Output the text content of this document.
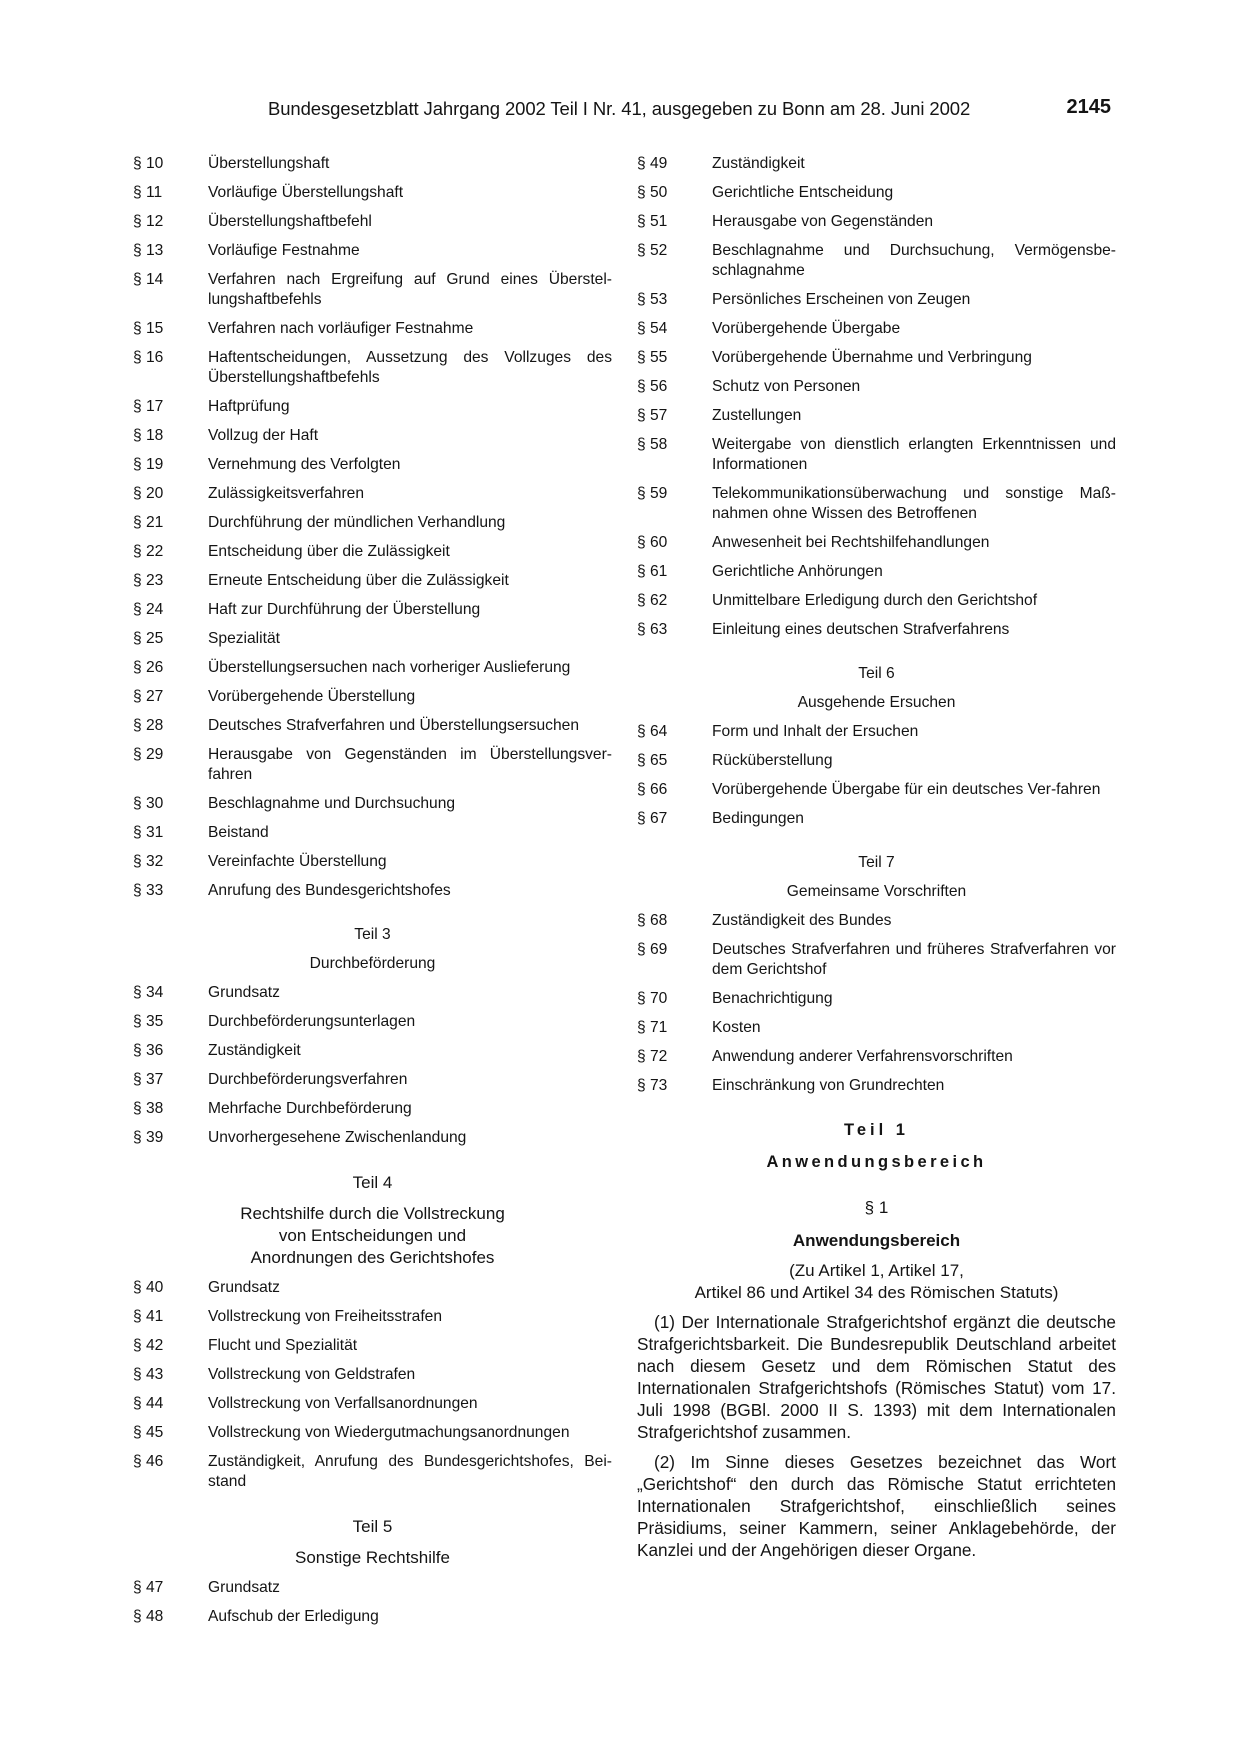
Bundesgesetzblatt Jahrgang 2002 Teil I Nr. 41, ausgegeben zu Bonn am 28. Juni 2002	2145
§ 10	Überstellungshaft
§ 11	Vorläufige Überstellungshaft
§ 12	Überstellungshaftbefehl
§ 13	Vorläufige Festnahme
§ 14	Verfahren nach Ergreifung auf Grund eines Überstel-lungshaftbefehls
§ 15	Verfahren nach vorläufiger Festnahme
§ 16	Haftentscheidungen, Aussetzung des Vollzuges des Überstellungshaftbefehls
§ 17	Haftprüfung
§ 18	Vollzug der Haft
§ 19	Vernehmung des Verfolgten
§ 20	Zulässigkeitsverfahren
§ 21	Durchführung der mündlichen Verhandlung
§ 22	Entscheidung über die Zulässigkeit
§ 23	Erneute Entscheidung über die Zulässigkeit
§ 24	Haft zur Durchführung der Überstellung
§ 25	Spezialität
§ 26	Überstellungsersuchen nach vorheriger Auslieferung
§ 27	Vorübergehende Überstellung
§ 28	Deutsches Strafverfahren und Überstellungsersuchen
§ 29	Herausgabe von Gegenständen im Überstellungsver-fahren
§ 30	Beschlagnahme und Durchsuchung
§ 31	Beistand
§ 32	Vereinfachte Überstellung
§ 33	Anrufung des Bundesgerichtshofes
Teil 3
Durchbeförderung
§ 34	Grundsatz
§ 35	Durchbeförderungsunterlagen
§ 36	Zuständigkeit
§ 37	Durchbeförderungsverfahren
§ 38	Mehrfache Durchbeförderung
§ 39	Unvorhergesehene Zwischenlandung
Teil 4
Rechtshilfe durch die Vollstreckung
von Entscheidungen und
Anordnungen des Gerichtshofes
§ 40	Grundsatz
§ 41	Vollstreckung von Freiheitsstrafen
§ 42	Flucht und Spezialität
§ 43	Vollstreckung von Geldstrafen
§ 44	Vollstreckung von Verfallsanordnungen
§ 45	Vollstreckung von Wiedergutmachungsanordnungen
§ 46	Zuständigkeit, Anrufung des Bundesgerichtshofes, Bei-stand
Teil 5
Sonstige Rechtshilfe
§ 47	Grundsatz
§ 48	Aufschub der Erledigung
§ 49	Zuständigkeit
§ 50	Gerichtliche Entscheidung
§ 51	Herausgabe von Gegenständen
§ 52	Beschlagnahme und Durchsuchung, Vermögensbe-schlagnahme
§ 53	Persönliches Erscheinen von Zeugen
§ 54	Vorübergehende Übergabe
§ 55	Vorübergehende Übernahme und Verbringung
§ 56	Schutz von Personen
§ 57	Zustellungen
§ 58	Weitergabe von dienstlich erlangten Erkenntnissen und Informationen
§ 59	Telekommunikationsüberwachung und sonstige Maß-nahmen ohne Wissen des Betroffenen
§ 60	Anwesenheit bei Rechtshilfehandlungen
§ 61	Gerichtliche Anhörungen
§ 62	Unmittelbare Erledigung durch den Gerichtshof
§ 63	Einleitung eines deutschen Strafverfahrens
Teil 6
Ausgehende Ersuchen
§ 64	Form und Inhalt der Ersuchen
§ 65	Rücküberstellung
§ 66	Vorübergehende Übergabe für ein deutsches Ver-fahren
§ 67	Bedingungen
Teil 7
Gemeinsame Vorschriften
§ 68	Zuständigkeit des Bundes
§ 69	Deutsches Strafverfahren und früheres Strafverfahren vor dem Gerichtshof
§ 70	Benachrichtigung
§ 71	Kosten
§ 72	Anwendung anderer Verfahrensvorschriften
§ 73	Einschränkung von Grundrechten
Teil 1
Anwendungsbereich
§ 1
Anwendungsbereich
(Zu Artikel 1, Artikel 17,
Artikel 86 und Artikel 34 des Römischen Statuts)

(1) Der Internationale Strafgerichtshof ergänzt die deutsche Strafgerichtsbarkeit. Die Bundesrepublik Deutschland arbeitet nach diesem Gesetz und dem Römischen Statut des Internationalen Strafgerichtshofs (Römisches Statut) vom 17. Juli 1998 (BGBl. 2000 II S. 1393) mit dem Internationalen Strafgerichtshof zusammen.

(2) Im Sinne dieses Gesetzes bezeichnet das Wort „Gerichtshof“ den durch das Römische Statut errichteten Internationalen Strafgerichtshof, einschließlich seines Präsidiums, seiner Kammern, seiner Anklagebehörde, der Kanzlei und der Angehörigen dieser Organe.
